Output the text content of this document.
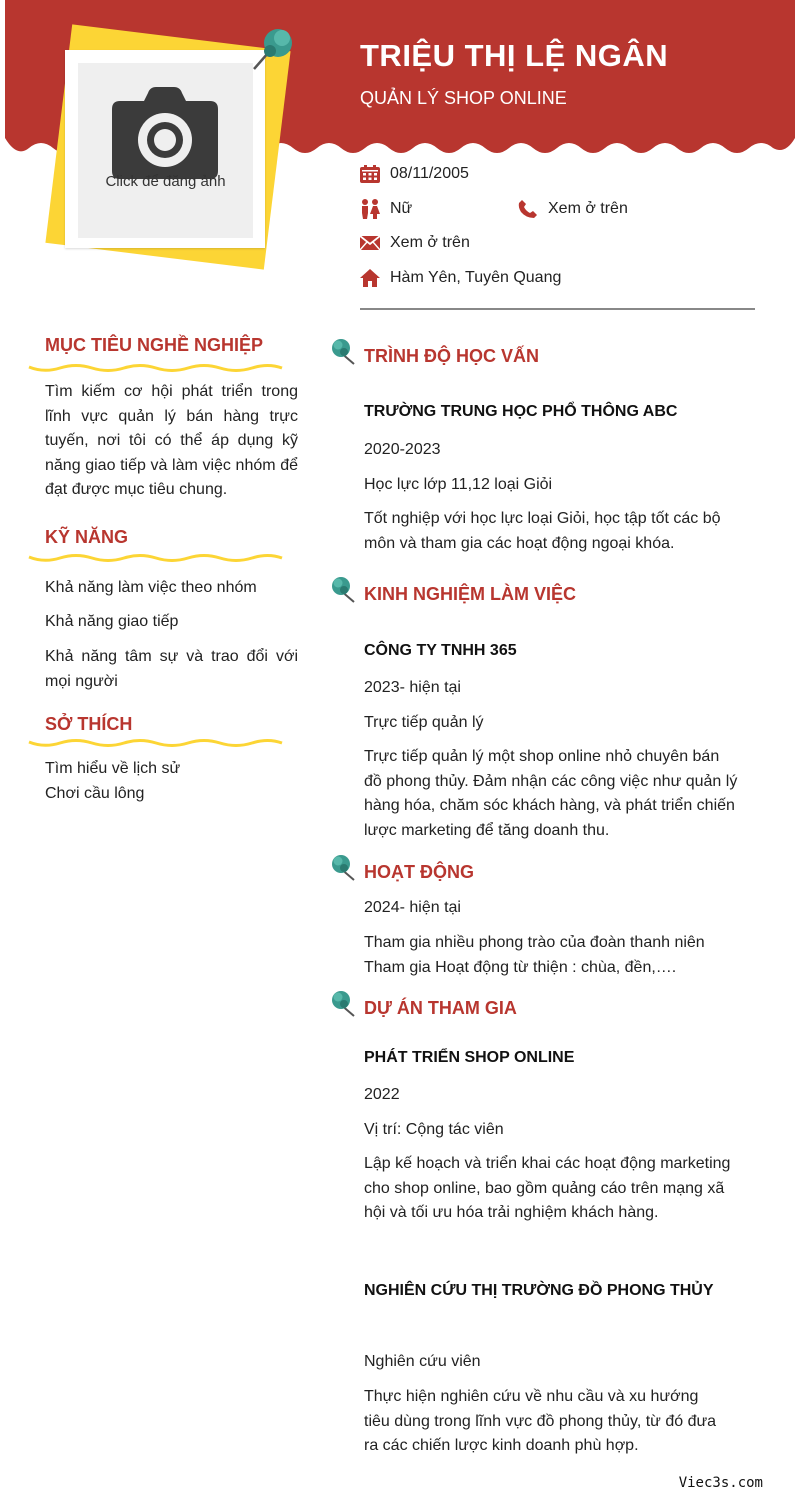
TRIỆU THỊ LỆ NGÂN
QUẢN LÝ SHOP ONLINE
Click để đăng ảnh	08/11/2005
Nữ	Xem ở trên
Xem ở trên
Hàm Yên, Tuyên Quang
MỤC TIÊU NGHỀ NGHIỆP
Tìm kiếm cơ hội phát triển trong lĩnh vực quản lý bán hàng trực tuyến, nơi tôi có thể áp dụng kỹ năng giao tiếp và làm việc nhóm để đạt được mục tiêu chung.
KỸ NĂNG
Khả năng làm việc theo nhóm
Khả năng giao tiếp
Khả năng tâm sự và trao đổi với mọi người
SỞ THÍCH
Tìm hiểu về lịch sử
Chơi cầu lông
TRÌNH ĐỘ HỌC VẤN
TRƯỜNG TRUNG HỌC PHỔ THÔNG ABC
2020-2023
Học lực lớp 11,12 loại Giỏi
Tốt nghiệp với học lực loại Giỏi, học tập tốt các bộ môn và tham gia các hoạt động ngoại khóa.
KINH NGHIỆM LÀM VIỆC
CÔNG TY TNHH 365
2023- hiện tại
Trực tiếp quản lý
Trực tiếp quản lý một shop online nhỏ chuyên bán đồ phong thủy. Đảm nhận các công việc như quản lý hàng hóa, chăm sóc khách hàng, và phát triển chiến lược marketing để tăng doanh thu.
HOẠT ĐỘNG
2024- hiện tại
Tham gia nhiều phong trào của đoàn thanh niên
Tham gia Hoạt động từ thiện : chùa, đền,….
DỰ ÁN THAM GIA
PHÁT TRIỂN SHOP ONLINE
2022
Vị trí: Cộng tác viên
Lập kế hoạch và triển khai các hoạt động marketing cho shop online, bao gồm quảng cáo trên mạng xã hội và tối ưu hóa trải nghiệm khách hàng.
NGHIÊN CỨU THỊ TRƯỜNG ĐỒ PHONG THỦY
Nghiên cứu viên
Thực hiện nghiên cứu về nhu cầu và xu hướng tiêu dùng trong lĩnh vực đồ phong thủy, từ đó đưa ra các chiến lược kinh doanh phù hợp.
Viec3s.com
